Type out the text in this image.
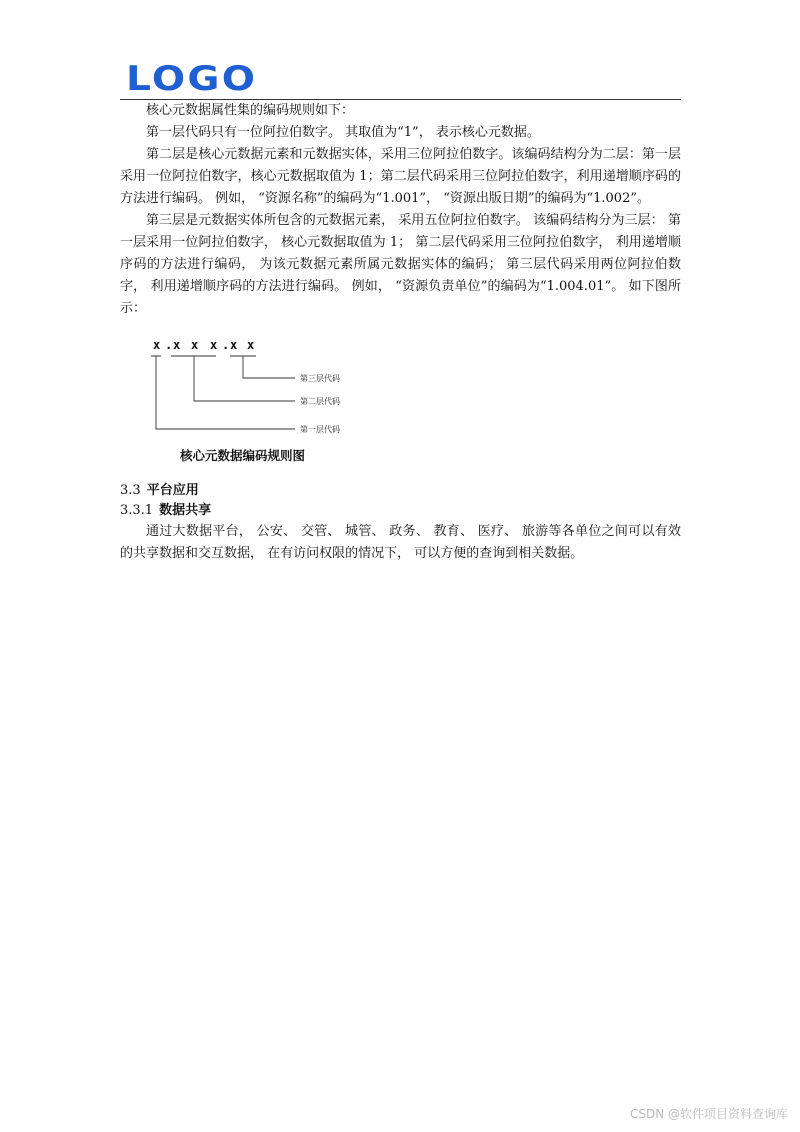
LOGO

核心元数据属性集的编码规则如下：

第一层代码只有一位阿拉伯数字。 其取值为“1”， 表示核心元数据。

第二层是核心元数据元素和元数据实体，采用三位阿拉伯数字。该编码结构分为二层：第一层采用一位阿拉伯数字，核心元数据取值为 1；第二层代码采用三位阿拉伯数字，利用递增顺序码的方法进行编码。 例如， “资源名称”的编码为“1.001”， “资源出版日期”的编码为“1.002”。

第三层是元数据实体所包含的元数据元素， 采用五位阿拉伯数字。 该编码结构分为三层： 第一层采用一位阿拉伯数字， 核心元数据取值为 1； 第二层代码采用三位阿拉伯数字， 利用递增顺序码的方法进行编码， 为该元数据元素所属元数据实体的编码； 第三层代码采用两位阿拉伯数字， 利用递增顺序码的方法进行编码。 例如， “资源负责单位”的编码为“1.004.01”。 如下图所示：

x . x x x . x x
第三层代码
第二层代码
第一层代码
核心元数据编码规则图
3.3 平台应用
3.3.1 数据共享

通过大数据平台， 公安、 交管、 城管、 政务、 教育、 医疗、 旅游等各单位之间可以有效的共享数据和交互数据， 在有访问权限的情况下， 可以方便的查询到相关数据。

CSDN @软件项目资料查询库
